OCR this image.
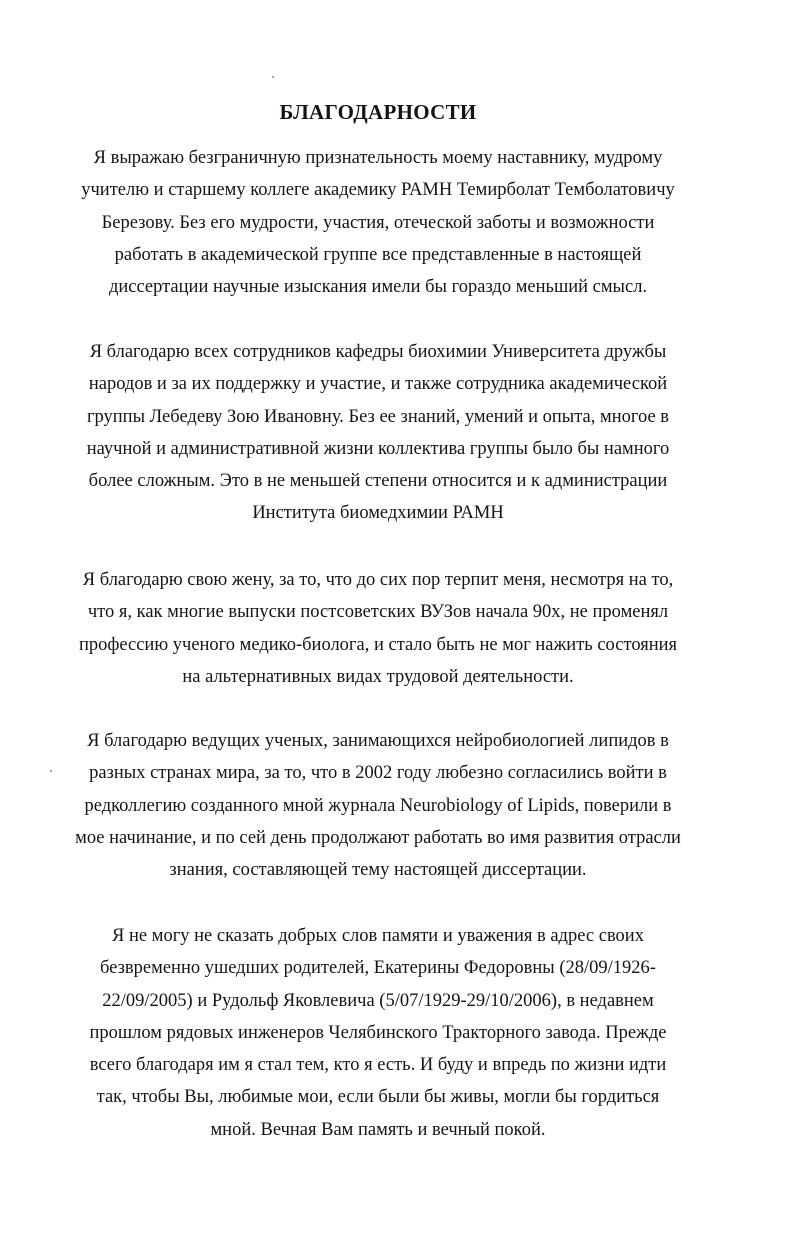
БЛАГОДАРНОСТИ
Я выражаю безграничную признательность моему наставнику, мудрому
учителю и старшему коллеге академику РАМН Темирболат Темболатовичу
Березову. Без его мудрости, участия, отеческой заботы и возможности
работать в академической группе все представленные в настоящей
диссертации научные изыскания имели бы гораздо меньший смысл.
Я благодарю всех сотрудников кафедры биохимии Университета дружбы
народов и за их поддержку и участие, и также сотрудника академической
группы Лебедеву Зою Ивановну. Без ее знаний, умений и опыта, многое в
научной и административной жизни коллектива группы было бы намного
более сложным. Это в не меньшей степени относится и к администрации
Института биомедхимии РАМН
Я благодарю свою жену, за то, что до сих пор терпит меня, несмотря на то,
что я, как многие выпуски постсоветских ВУЗов начала 90х, не променял
профессию ученого медико-биолога, и стало быть не мог нажить состояния
на альтернативных видах трудовой деятельности.
Я благодарю ведущих ученых, занимающихся нейробиологией липидов в
разных странах мира, за то, что в 2002 году любезно согласились войти в
редколлегию созданного мной журнала Neurobiology of Lipids, поверили в
мое начинание, и по сей день продолжают работать во имя развития отрасли
знания, составляющей тему настоящей диссертации.
Я не могу не сказать добрых слов памяти и уважения в адрес своих
безвременно ушедших родителей, Екатерины Федоровны (28/09/1926-
22/09/2005) и Рудольф Яковлевича (5/07/1929-29/10/2006), в недавнем
прошлом рядовых инженеров Челябинского Тракторного завода. Прежде
всего благодаря им я стал тем, кто я есть. И буду и впредь по жизни идти
так, чтобы Вы, любимые мои, если были бы живы, могли бы гордиться
мной. Вечная Вам память и вечный покой.
